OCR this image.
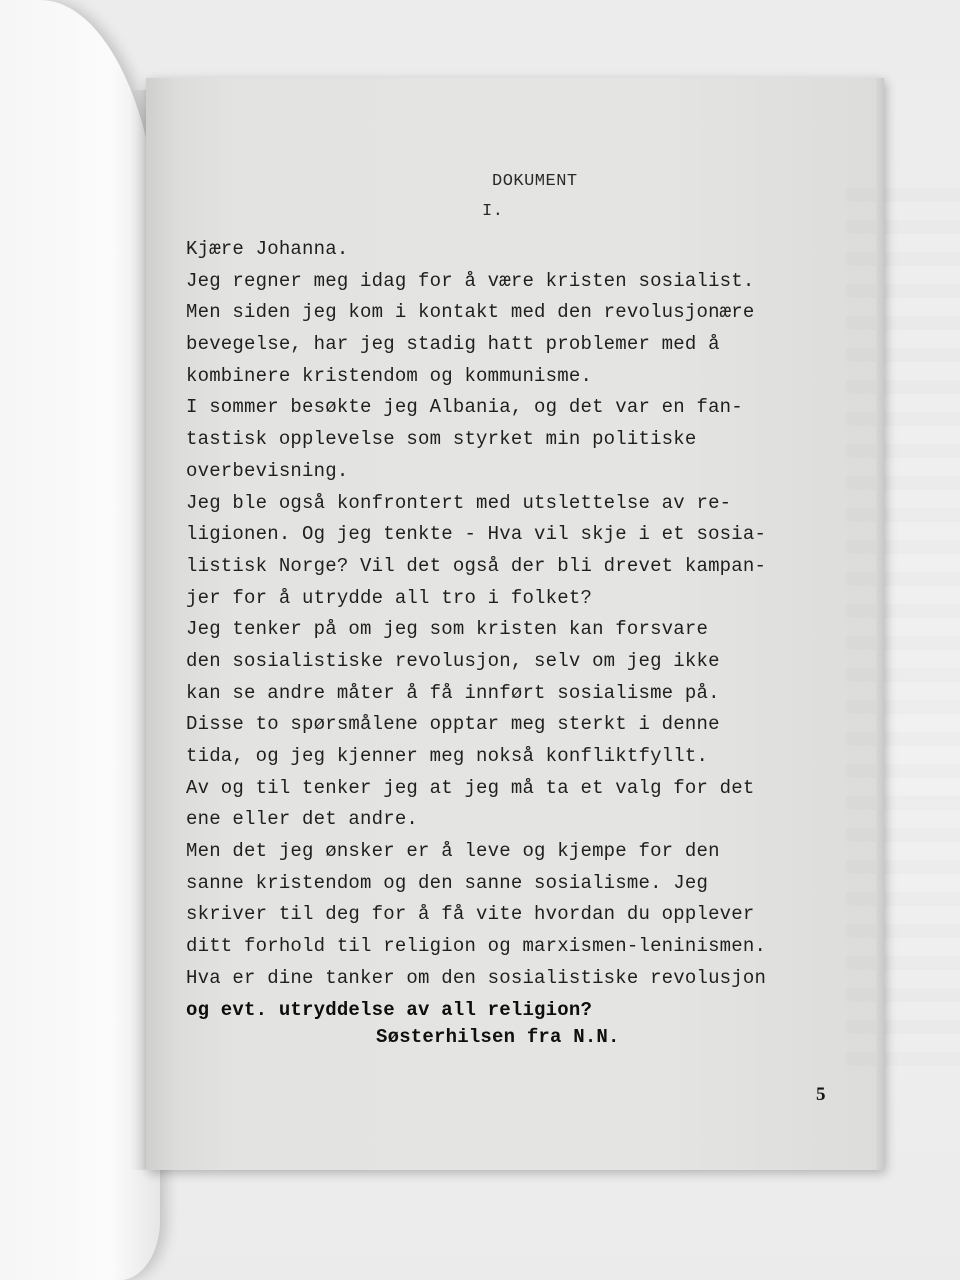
DOKUMENT
I.
Kjære Johanna.
Jeg regner meg idag for å være kristen sosialist.
Men siden jeg kom i kontakt med den revolusjonære
bevegelse, har jeg stadig hatt problemer med å
kombinere kristendom og kommunisme.
I sommer besøkte jeg Albania, og det var en fan-
tastisk opplevelse som styrket min politiske
overbevisning.
Jeg ble også konfrontert med utslettelse av re-
ligionen. Og jeg tenkte - Hva vil skje i et sosia-
listisk Norge? Vil det også der bli drevet kampan-
jer for å utrydde all tro i folket?
Jeg tenker på om jeg som kristen kan forsvare
den sosialistiske revolusjon, selv om jeg ikke
kan se andre måter å få innført sosialisme på.
Disse to spørsmålene opptar meg sterkt i denne
tida, og jeg kjenner meg nokså konfliktfyllt.
Av og til tenker jeg at jeg må ta et valg for det
ene eller det andre.
Men det jeg ønsker er å leve og kjempe for den
sanne kristendom og den sanne sosialisme. Jeg
skriver til deg for å få vite hvordan du opplever
ditt forhold til religion og marxismen-leninismen.
Hva er dine tanker om den sosialistiske revolusjon
og evt. utryddelse av all religion?
Søsterhilsen fra N.N.
5
